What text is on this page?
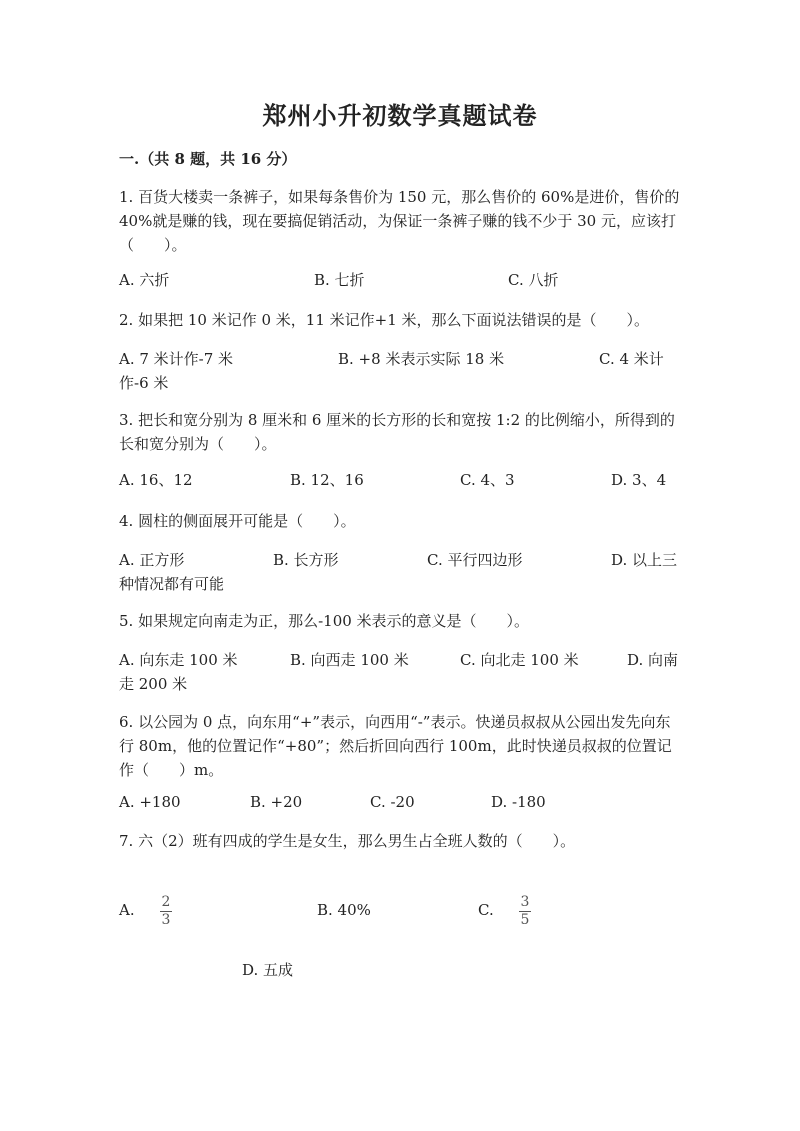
郑州小升初数学真题试卷
一.（共 8 题，共 16 分）
1. 百货大楼卖一条裤子，如果每条售价为 150 元，那么售价的 60%是进价，售价的 40%就是赚的钱，现在要搞促销活动，为保证一条裤子赚的钱不少于 30 元，应该打（　　）。
A. 六折	B. 七折	C. 八折
2. 如果把 10 米记作 0 米，11 米记作+1 米，那么下面说法错误的是（　　）。
A. 7 米计作-7 米	B. +8 米表示实际 18 米	C. 4 米计作-6 米
3. 把长和宽分别为 8 厘米和 6 厘米的长方形的长和宽按 1:2 的比例缩小，所得到的长和宽分别为（　　）。
A. 16、12	B. 12、16	C. 4、3	D. 3、4
4. 圆柱的侧面展开可能是（　　）。
A. 正方形	B. 长方形	C. 平行四边形	D. 以上三种情况都有可能
5. 如果规定向南走为正，那么-100 米表示的意义是（　　）。
A. 向东走 100 米	B. 向西走 100 米	C. 向北走 100 米	D. 向南走 200 米
6. 以公园为 0 点，向东用“+”表示，向西用“-”表示。快递员叔叔从公园出发先向东行 80m，他的位置记作“+80”；然后折回向西行 100m，此时快递员叔叔的位置记作（　　）m。
A. +180	B. +20	C. -20	D. -180
7. 六（2）班有四成的学生是女生，那么男生占全班人数的（　　）。
A. 2
3
B. 40%	C. 3
5
D. 五成
